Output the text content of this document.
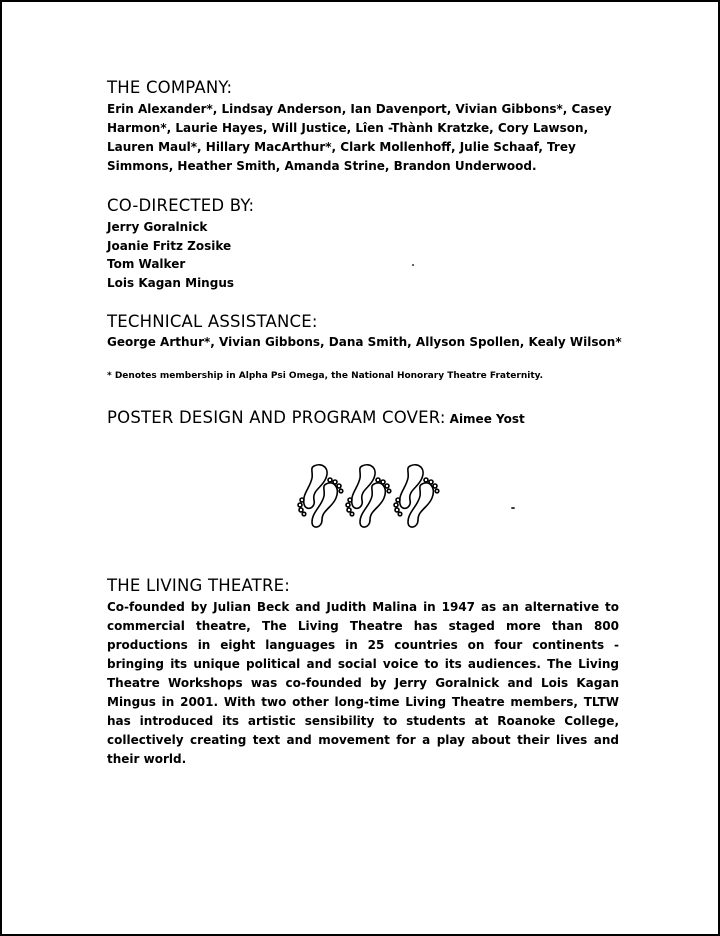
THE COMPANY:

Erin Alexander*, Lindsay Anderson, Ian Davenport, Vivian Gibbons*, Casey Harmon*, Laurie Hayes, Will Justice, Lîen -Thành Kratzke, Cory Lawson, Lauren Maul*, Hillary MacArthur*, Clark Mollenhoff, Julie Schaaf, Trey Simmons, Heather Smith, Amanda Strine, Brandon Underwood.

CO-DIRECTED BY:
Jerry Goralnick
Joanie Fritz Zosike
Tom Walker
Lois Kagan Mingus
TECHNICAL ASSISTANCE:

George Arthur*, Vivian Gibbons, Dana Smith, Allyson Spollen, Kealy Wilson*

* Denotes membership in Alpha Psi Omega, the National Honorary Theatre Fraternity.
POSTER DESIGN AND PROGRAM COVER: Aimee Yost
THE LIVING THEATRE:

Co-founded by Julian Beck and Judith Malina in 1947 as an alternative to commercial theatre, The Living Theatre has staged more than 800 productions in eight languages in 25 countries on four continents - bringing its unique political and social voice to its audiences. The Living Theatre Workshops was co-founded by Jerry Goralnick and Lois Kagan Mingus in 2001. With two other long-time Living Theatre members, TLTW has introduced its artistic sensibility to students at Roanoke College, collectively creating text and movement for a play about their lives and their world.
